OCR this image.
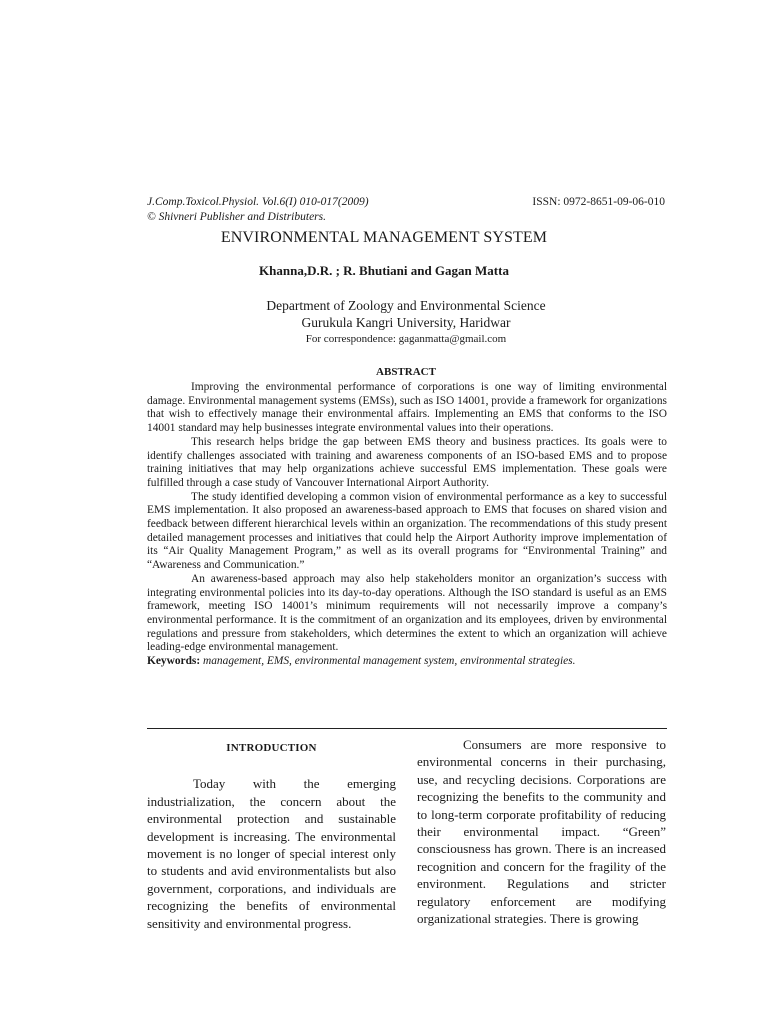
J.Comp.Toxicol.Physiol. Vol.6(I) 010-017(2009)
© Shivneri Publisher and Distributers.
ISSN: 0972-8651-09-06-010
ENVIRONMENTAL MANAGEMENT SYSTEM
Khanna,D.R. ; R. Bhutiani and Gagan Matta
Department of Zoology and Environmental Science
Gurukula Kangri University, Haridwar
For correspondence: gaganmatta@gmail.com
ABSTRACT

Improving the environmental performance of corporations is one way of limiting environmental damage. Environmental management systems (EMSs), such as ISO 14001, provide a framework for organizations that wish to effectively manage their environmental affairs. Implementing an EMS that conforms to the ISO 14001 standard may help businesses integrate environmental values into their operations.

This research helps bridge the gap between EMS theory and business practices. Its goals were to identify challenges associated with training and awareness components of an ISO-based EMS and to propose training initiatives that may help organizations achieve successful EMS implementation. These goals were fulfilled through a case study of Vancouver International Airport Authority.

The study identified developing a common vision of environmental performance as a key to successful EMS implementation. It also proposed an awareness-based approach to EMS that focuses on shared vision and feedback between different hierarchical levels within an organization. The recommendations of this study present detailed management processes and initiatives that could help the Airport Authority improve implementation of its “Air Quality Management Program,” as well as its overall programs for “Environmental Training” and “Awareness and Communication.”

An awareness-based approach may also help stakeholders monitor an organization’s success with integrating environmental policies into its day-to-day operations. Although the ISO standard is useful as an EMS framework, meeting ISO 14001’s minimum requirements will not necessarily improve a company’s environmental performance. It is the commitment of an organization and its employees, driven by environmental regulations and pressure from stakeholders, which determines the extent to which an organization will achieve leading-edge environmental management.

Keywords: management, EMS, environmental management system, environmental strategies.
INTRODUCTION

Today with the emerging industrialization, the concern about the environmental protection and sustainable development is increasing. The environmental movement is no longer of special interest only to students and avid environmentalists but also government, corporations, and individuals are recognizing the benefits of environmental sensitivity and environmental progress.

Consumers are more responsive to environmental concerns in their purchasing, use, and recycling decisions. Corporations are recognizing the benefits to the community and to long-term corporate profitability of reducing their environmental impact. “Green” consciousness has grown. There is an increased recognition and concern for the fragility of the environment. Regulations and stricter regulatory enforcement are modifying organizational strategies. There is growing
